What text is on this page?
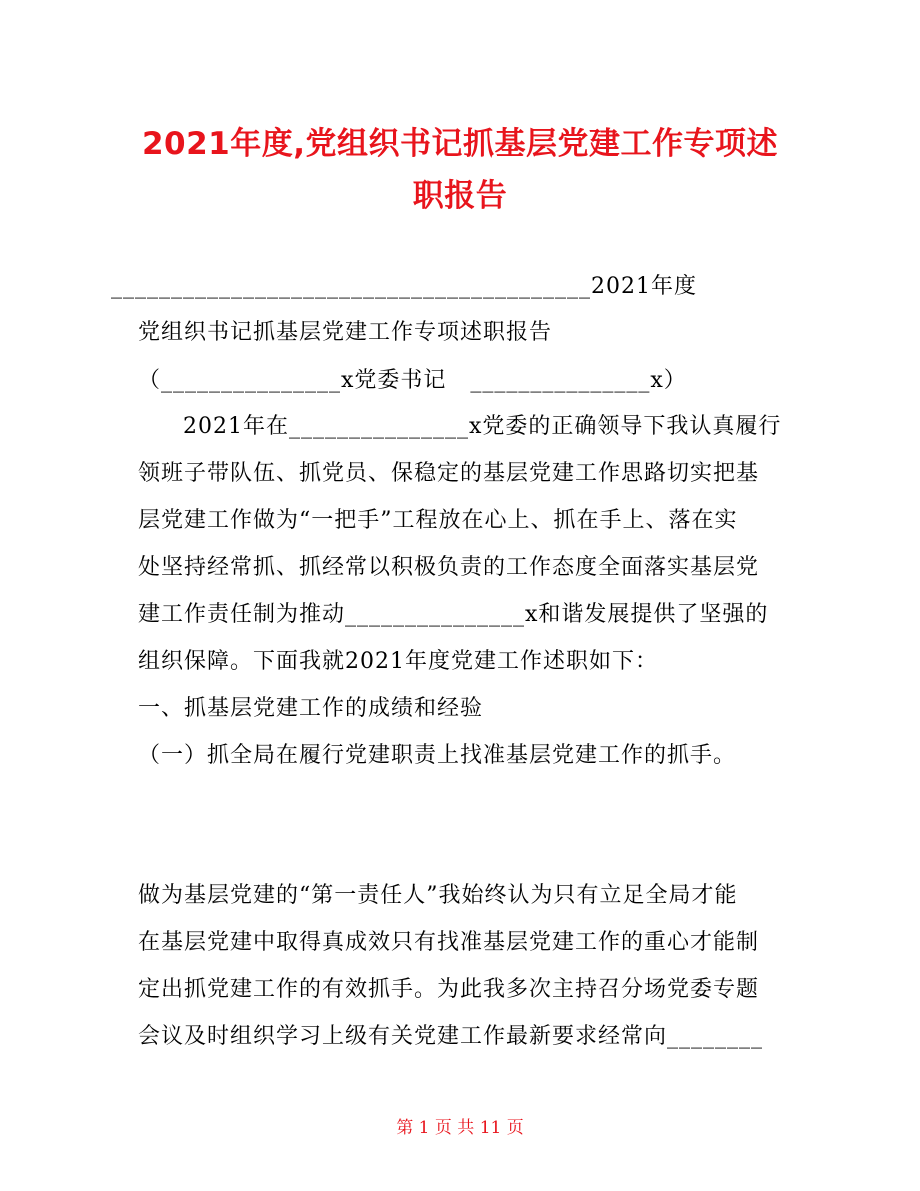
2021年度,党组织书记抓基层党建工作专项述
职报告
________________________________________2021年度
党组织书记抓基层党建工作专项述职报告
（_______________x党委书记   _______________x）
2021年在_______________x党委的正确领导下我认真履行
领班子带队伍、抓党员、保稳定的基层党建工作思路切实把基
层党建工作做为“一把手”工程放在心上、抓在手上、落在实
处坚持经常抓、抓经常以积极负责的工作态度全面落实基层党
建工作责任制为推动_______________x和谐发展提供了坚强的
组织保障。下面我就2021年度党建工作述职如下：
一、抓基层党建工作的成绩和经验
（一）抓全局在履行党建职责上找准基层党建工作的抓手。
做为基层党建的“第一责任人”我始终认为只有立足全局才能
在基层党建中取得真成效只有找准基层党建工作的重心才能制
定出抓党建工作的有效抓手。为此我多次主持召分场党委专题
会议及时组织学习上级有关党建工作最新要求经常向________
第 1 页 共 11 页
